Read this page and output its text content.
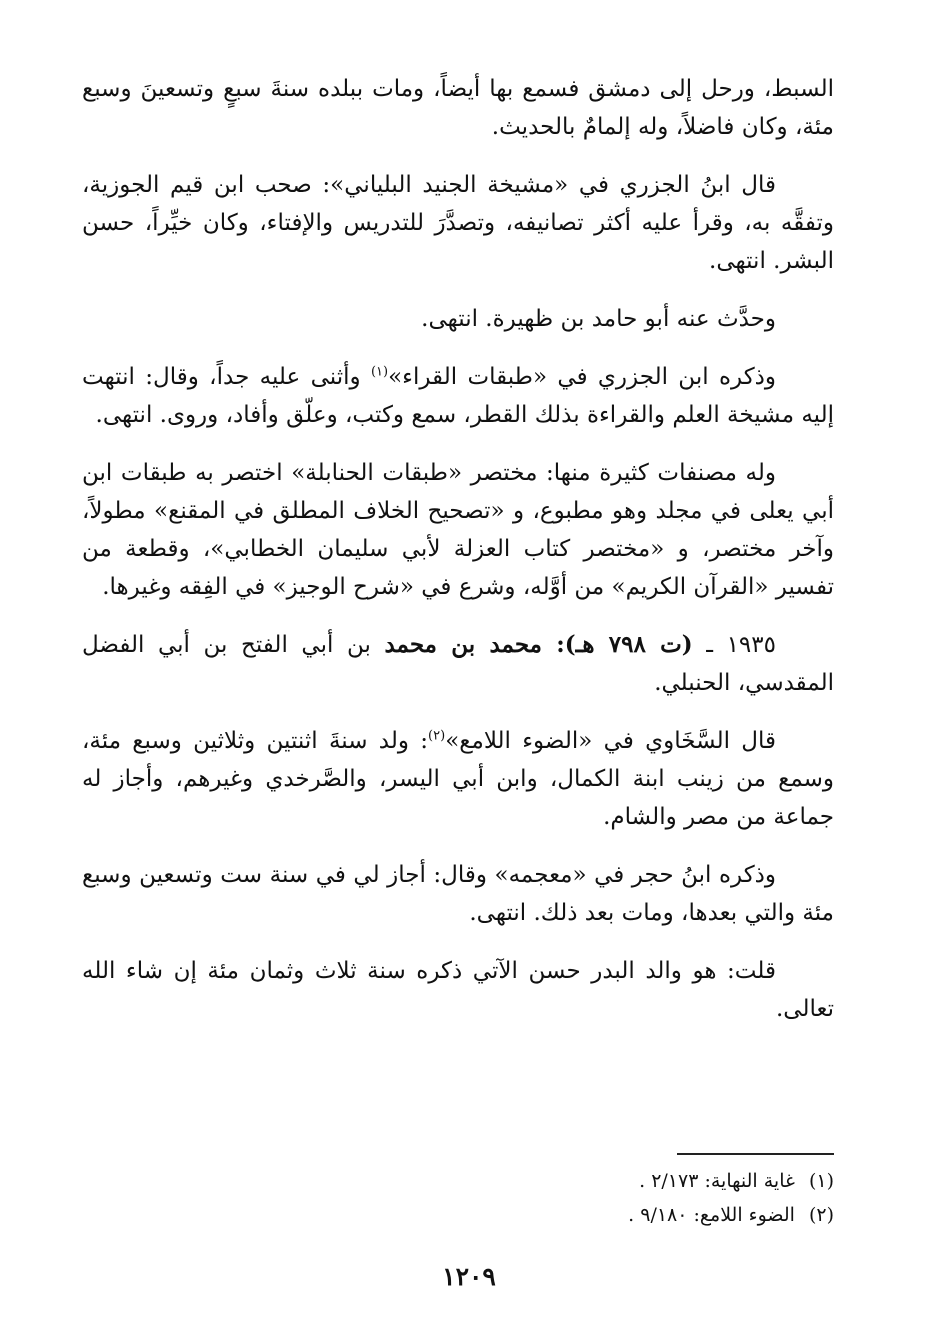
السبط، ورحل إلى دمشق فسمع بها أيضاً، ومات ببلده سنةَ سبعٍ وتسعينَ وسبع مئة، وكان فاضلاً، وله إلمامٌ بالحديث.

قال ابنُ الجزري في «مشيخة الجنيد البلياني»: صحب ابن قيم الجوزية، وتفقَّه به، وقرأ عليه أكثر تصانيفه، وتصدَّرَ للتدريس والإفتاء، وكان خيِّراً، حسن البشر. انتهى.

وحدَّث عنه أبو حامد بن ظهيرة. انتهى.

وذكره ابن الجزري في «طبقات القراء»$^{(١)}$ وأثنى عليه جداً، وقال: انتهت إليه مشيخة العلم والقراءة بذلك القطر، سمع وكتب، وعلّق وأفاد، وروى. انتهى.

وله مصنفات كثيرة منها: مختصر «طبقات الحنابلة» اختصر به طبقات ابن أبي يعلى في مجلد وهو مطبوع، و «تصحيح الخلاف المطلق في المقنع» مطولاً، وآخر مختصر، و «مختصر كتاب العزلة لأبي سليمان الخطابي»، وقطعة من تفسير «القرآن الكريم» من أوَّله، وشرع في «شرح الوجيز» في الفِقه وغيرها.

١٩٣٥ ـ (ت ٧٩٨ هـ): محمد بن محمد بن أبي الفتح بن أبي الفضل المقدسي، الحنبلي.

قال السَّخَاوي في «الضوء اللامع»$^{(٢)}$: ولد سنةَ اثنتين وثلاثين وسبع مئة، وسمع من زينب ابنة الكمال، وابن أبي اليسر، والصَّرخدي وغيرهم، وأجاز له جماعة من مصر والشام.

وذكره ابنُ حجر في «معجمه» وقال: أجاز لي في سنة ست وتسعين وسبع مئة والتي بعدها، ومات بعد ذلك. انتهى.

قلت: هو والد البدر حسن الآتي ذكره سنة ثلاث وثمان مئة إن شاء الله تعالى.

(١)غاية النهاية: ٢/١٧٣ .

(٢)الضوء اللامع: ٩/١٨٠ .

١٢٠٩
